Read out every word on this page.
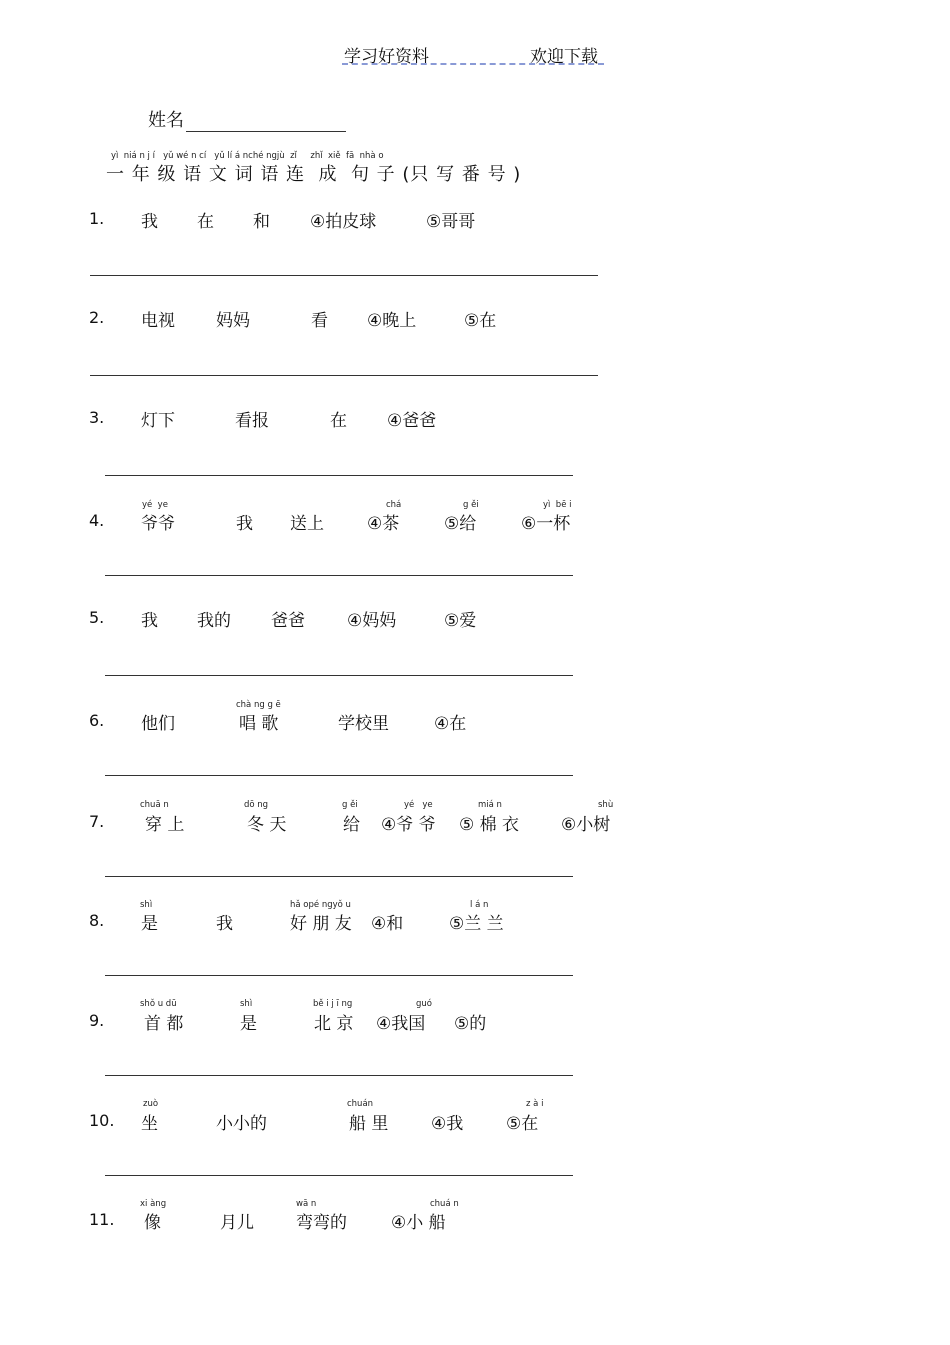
学习好资料	欢迎下载
姓名
yì  niá n j í   yǔ wé n cí   yǔ lí á nché ngjù  zǐ     zhǐ  xiě  fā  nhà o
一 年 级 语 文 词 语 连  成  句 子 (只 写 番 号 )
1. 我 在 和 ④拍皮球	⑤哥哥
2. 电视 妈妈	看 ④晚上	⑤在
3. 灯下	看报	在 ④爸爸
yé  ye	chá	g ěi	yì  bē i
4. 爷爷	我 送上	④茶	⑤给	⑥一杯
5. 我 我的 爸爸 ④妈妈	⑤爱
chà ng g ē
6. 他们	唱 歌	学校里	④在
chuā n	dō ng	g ěi	yé   ye	miá n	shù
7. 穿 上	冬 天	给 ④爷 爷 ⑤ 棉 衣 ⑥小树
shì	hǎ opé ngyǒ u	l á n
8. 是	我	好 朋 友 ④和	⑤兰 兰
shǒ u dū	shì	bě i j ī ng	guó
9. 首 都	是	北 京 ④我国 ⑤的
zuò	chuán	z à i
10. 坐	小小的	船 里	④我	⑤在
xi àng	wā n	chuá n
11. 像	月儿 弯弯的	④小 船
